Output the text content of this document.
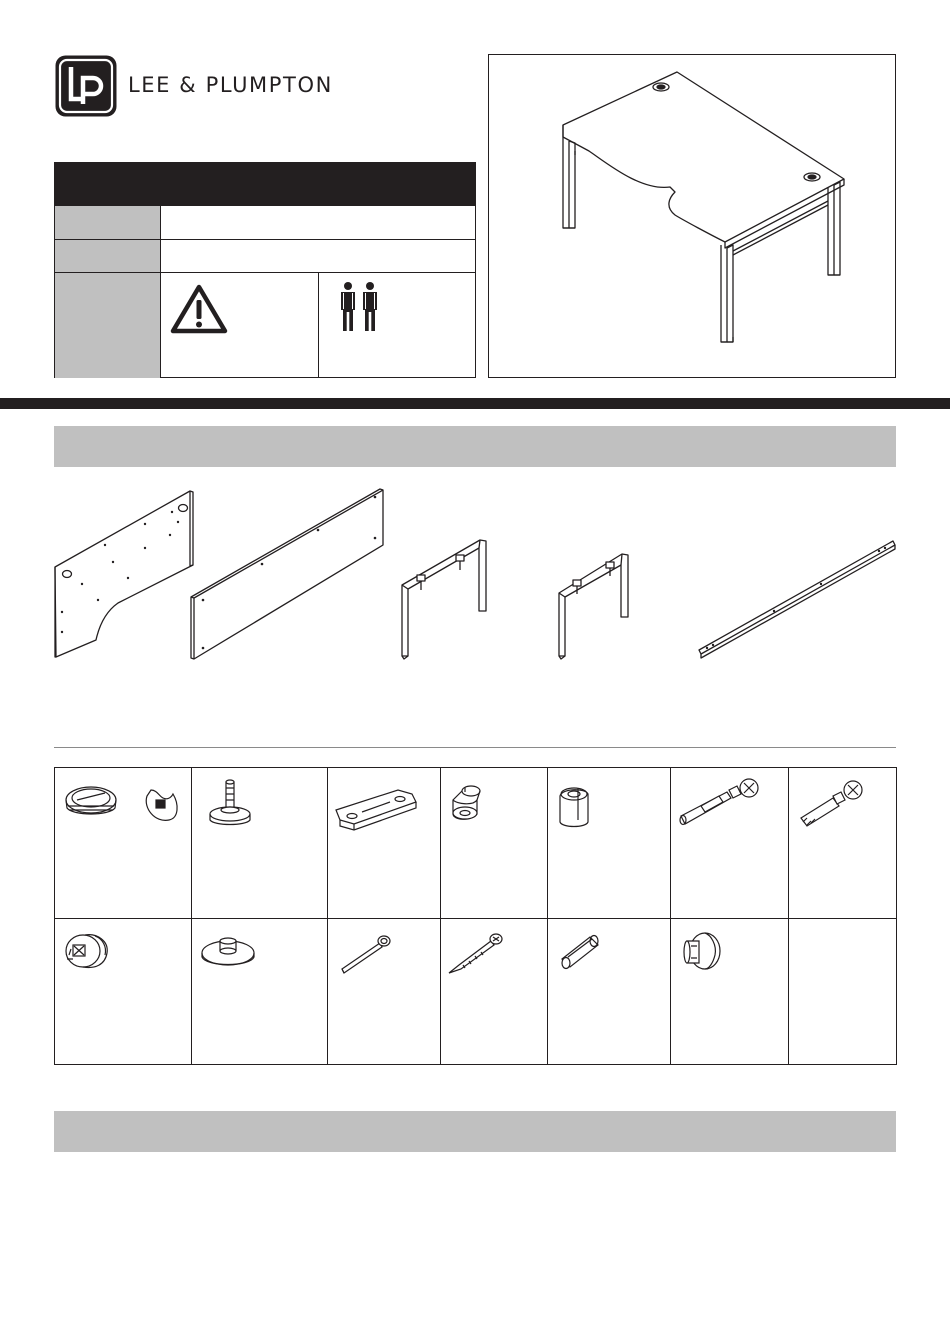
LEE & PLUMPTON
